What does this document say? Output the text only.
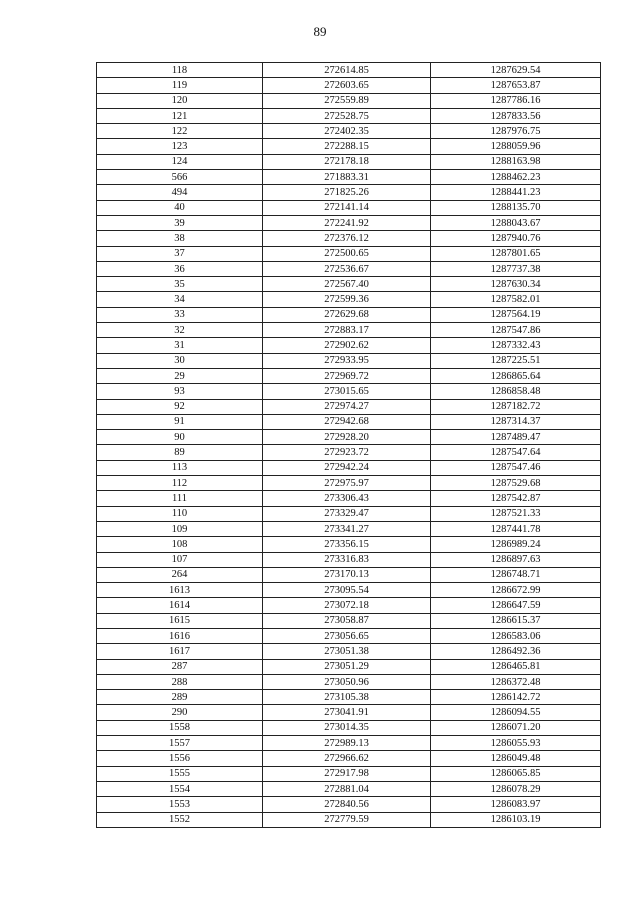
89
118	272614.85	1287629.54
119	272603.65	1287653.87
120	272559.89	1287786.16
121	272528.75	1287833.56
122	272402.35	1287976.75
123	272288.15	1288059.96
124	272178.18	1288163.98
566	271883.31	1288462.23
494	271825.26	1288441.23
40	272141.14	1288135.70
39	272241.92	1288043.67
38	272376.12	1287940.76
37	272500.65	1287801.65
36	272536.67	1287737.38
35	272567.40	1287630.34
34	272599.36	1287582.01
33	272629.68	1287564.19
32	272883.17	1287547.86
31	272902.62	1287332.43
30	272933.95	1287225.51
29	272969.72	1286865.64
93	273015.65	1286858.48
92	272974.27	1287182.72
91	272942.68	1287314.37
90	272928.20	1287489.47
89	272923.72	1287547.64
113	272942.24	1287547.46
112	272975.97	1287529.68
111	273306.43	1287542.87
110	273329.47	1287521.33
109	273341.27	1287441.78
108	273356.15	1286989.24
107	273316.83	1286897.63
264	273170.13	1286748.71
1613	273095.54	1286672.99
1614	273072.18	1286647.59
1615	273058.87	1286615.37
1616	273056.65	1286583.06
1617	273051.38	1286492.36
287	273051.29	1286465.81
288	273050.96	1286372.48
289	273105.38	1286142.72
290	273041.91	1286094.55
1558	273014.35	1286071.20
1557	272989.13	1286055.93
1556	272966.62	1286049.48
1555	272917.98	1286065.85
1554	272881.04	1286078.29
1553	272840.56	1286083.97
1552	272779.59	1286103.19
